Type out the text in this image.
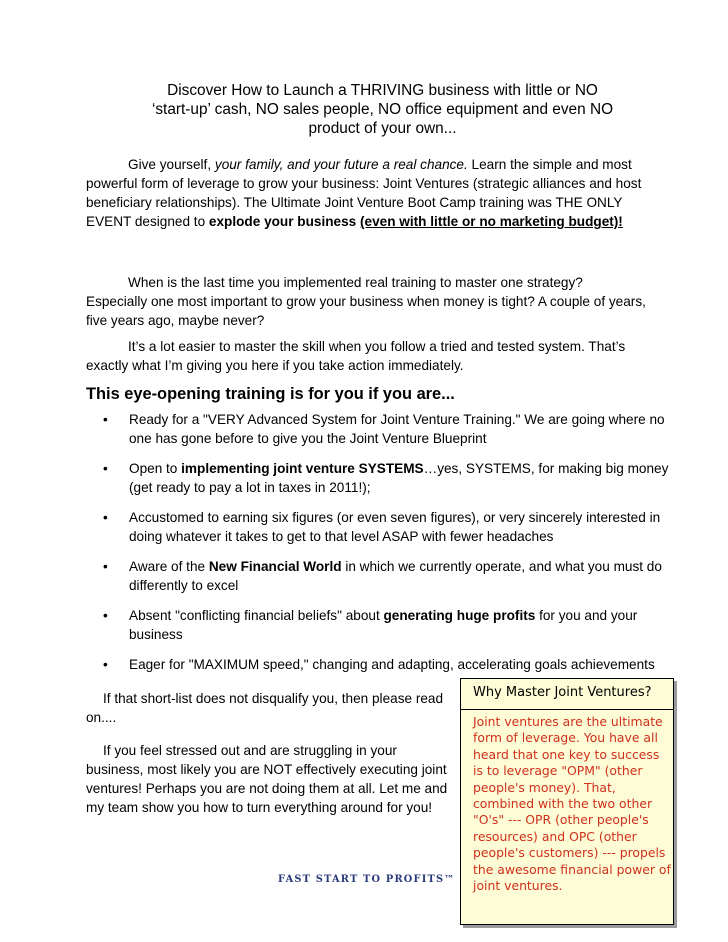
Discover How to Launch a THRIVING business with little or NO
‘start-up’ cash, NO sales people, NO office equipment and even NO
product of your own...
Give yourself, your family, and your future a real chance. Learn the simple and most powerful form of leverage to grow your business: Joint Ventures (strategic alliances and host beneficiary relationships). The Ultimate Joint Venture Boot Camp training was THE ONLY EVENT designed to explode your business (even with little or no marketing budget)!
When is the last time you implemented real training to master one strategy? Especially one most important to grow your business when money is tight? A couple of years, five years ago, maybe never?
It’s a lot easier to master the skill when you follow a tried and tested system. That’s exactly what I’m giving you here if you take action immediately.
This eye-opening training is for you if you are...
• Ready for a "VERY Advanced System for Joint Venture Training." We are going where no one has gone before to give you the Joint Venture Blueprint
• Open to implementing joint venture SYSTEMS…yes, SYSTEMS, for making big money (get ready to pay a lot in taxes in 2011!);
• Accustomed to earning six figures (or even seven figures), or very sincerely interested in doing whatever it takes to get to that level ASAP with fewer headaches
• Aware of the New Financial World in which we currently operate, and what you must do differently to excel
• Absent "conflicting financial beliefs" about generating huge profits for you and your business
• Eager for "MAXIMUM speed," changing and adapting, accelerating goals achievements
If that short-list does not disqualify you, then please read on....
If you feel stressed out and are struggling in your business, most likely you are NOT effectively executing joint ventures! Perhaps you are not doing them at all. Let me and my team show you how to turn everything around for you!
FAST START TO PROFITS™
Why Master Joint Ventures?
Joint ventures are the ultimate form of leverage. You have all heard that one key to success is to leverage "OPM" (other people's money). That, combined with the two other "O's" --- OPR (other people's resources) and OPC (other people's customers) --- propels the awesome financial power of joint ventures.
